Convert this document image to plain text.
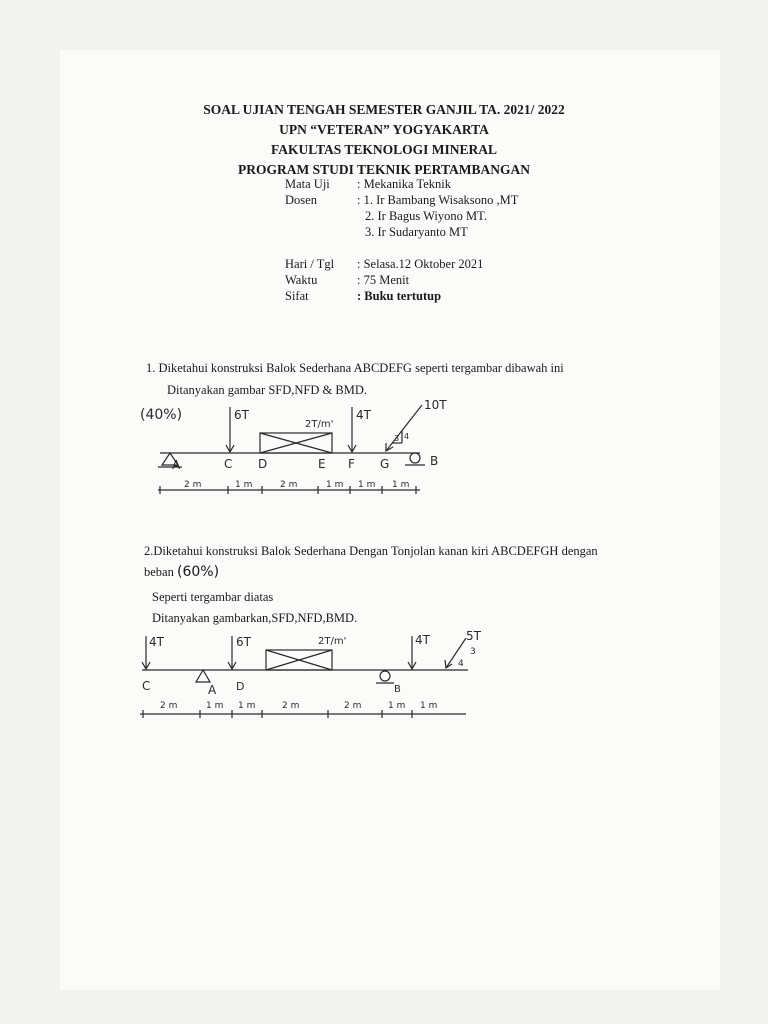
SOAL UJIAN TENGAH SEMESTER GANJIL TA. 2021/ 2022
UPN “VETERAN” YOGYAKARTA
FAKULTAS TEKNOLOGI MINERAL
PROGRAM STUDI TEKNIK PERTAMBANGAN
Mata Uji	: Mekanika Teknik
Dosen	: 1. Ir Bambang Wisaksono ,MT
2. Ir Bagus Wiyono MT.
3. Ir Sudaryanto MT
Hari / Tgl	: Selasa.12 Oktober 2021
Waktu	: 75 Menit
Sifat	: Buku tertutup
1. Diketahui konstruksi Balok Sederhana ABCDEFG seperti tergambar dibawah ini
Ditanyakan gambar SFD,NFD & BMD.
(40%)	6T
2T/m'
4T
10T
3 4
A	C D	E F G	B
2 m	1 m	2 m	1 m 1 m 1 m
2.Diketahui konstruksi Balok Sederhana Dengan Tonjolan kanan kiri ABCDEFGH dengan
beban (60%)
Seperti tergambar diatas
Ditanyakan gambarkan,SFD,NFD,BMD.
4T	6T	2T/m'	4T	5T
3
4
C	A D	B
2 m	1 m 1 m	2 m	2 m	1 m 1 m
